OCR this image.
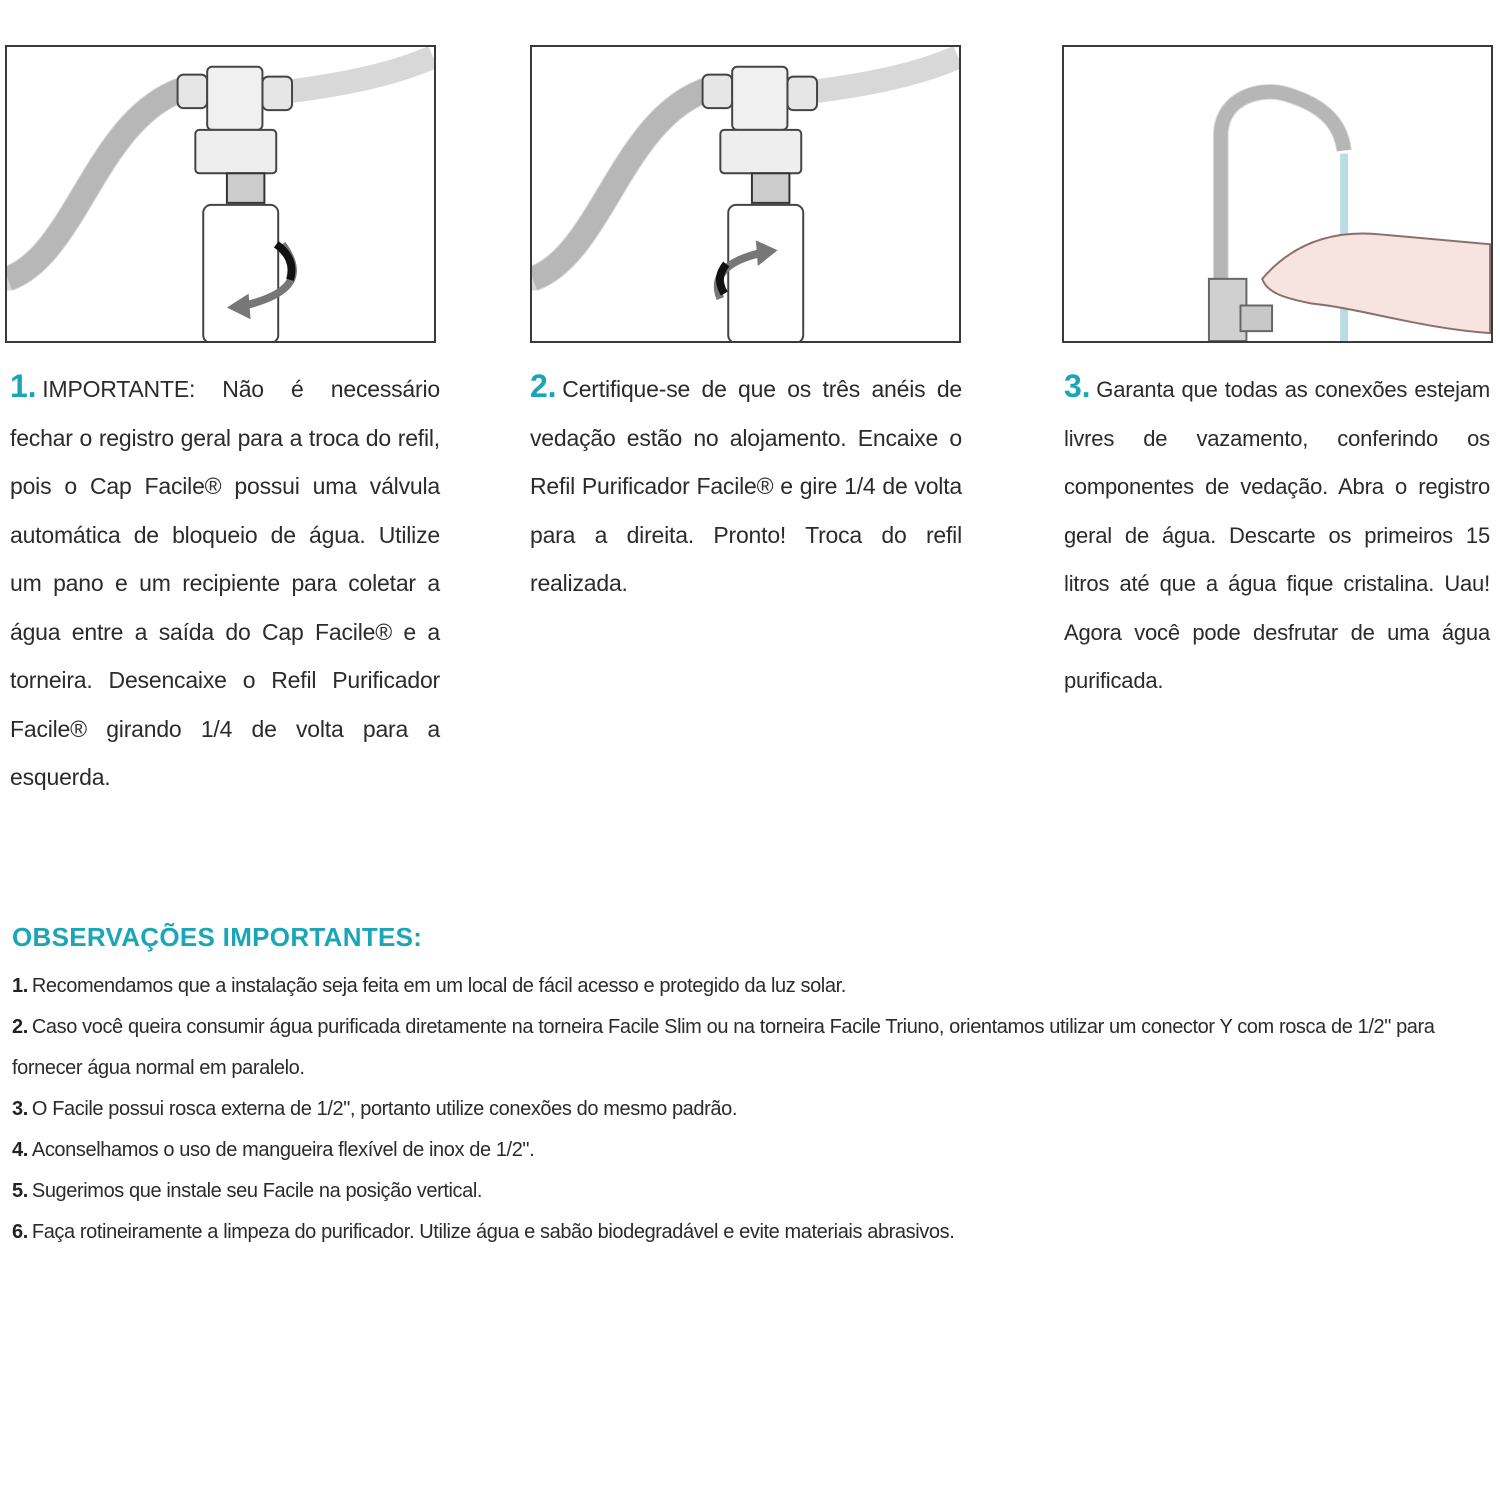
1. IMPORTANTE: Não é necessário fechar o registro geral para a troca do refil, pois o Cap Facile® possui uma válvula automática de bloqueio de água. Utilize um pano e um recipiente para coletar a água entre a saída do Cap Facile® e a torneira. Desencaixe o Refil Purificador Facile® girando 1/4 de volta para a esquerda.
2. Certifique-se de que os três anéis de vedação estão no alojamento. Encaixe o Refil Purificador Facile® e gire 1/4 de volta para a direita. Pronto! Troca do refil realizada.
3. Garanta que todas as conexões estejam livres de vazamento, conferindo os componentes de vedação. Abra o registro geral de água. Descarte os primeiros 15 litros até que a água fique cristalina. Uau! Agora você pode desfrutar de uma água purificada.
OBSERVAÇÕES IMPORTANTES:
1. Recomendamos que a instalação seja feita em um local de fácil acesso e protegido da luz solar.
2. Caso você queira consumir água purificada diretamente na torneira Facile Slim ou na torneira Facile Triuno, orientamos utilizar um conector Y com rosca de 1/2" para fornecer água normal em paralelo.
3. O Facile possui rosca externa de 1/2", portanto utilize conexões do mesmo padrão.
4. Aconselhamos o uso de mangueira flexível de inox de 1/2".
5. Sugerimos que instale seu Facile na posição vertical.
6. Faça rotineiramente a limpeza do purificador. Utilize água e sabão biodegradável e evite materiais abrasivos.
